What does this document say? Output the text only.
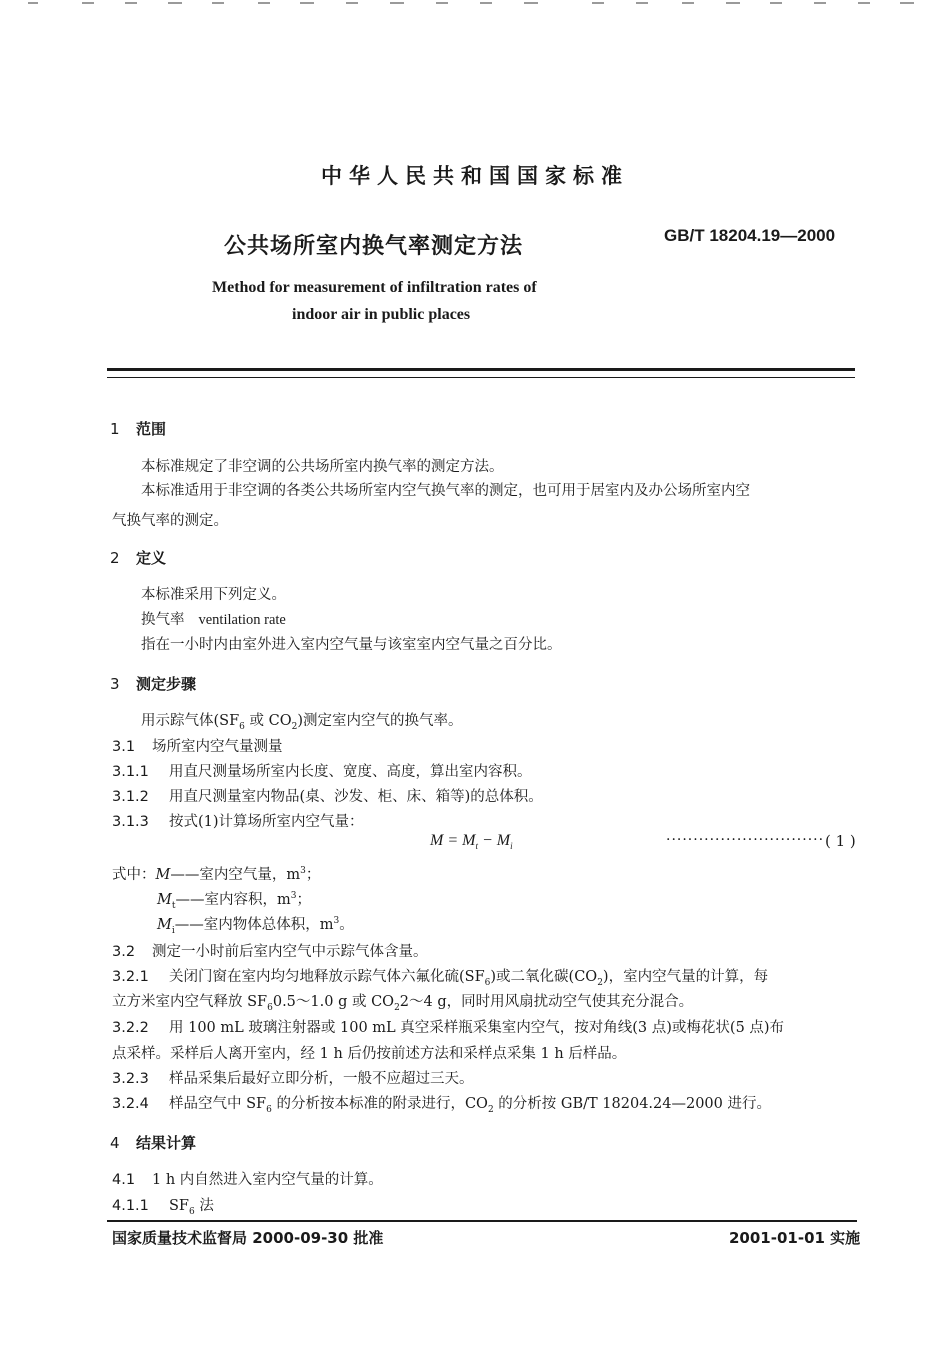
中华人民共和国国家标准
公共场所室内换气率测定方法	GB/T 18204.19—2000
Method for measurement of infiltration rates of
indoor air in public places
1 范围
本标准规定了非空调的公共场所室内换气率的测定方法。
本标准适用于非空调的各类公共场所室内空气换气率的测定，也可用于居室内及办公场所室内空
气换气率的测定。
2 定义
本标准采用下列定义。
换气率 ventilation rate
指在一小时内由室外进入室内空气量与该室室内空气量之百分比。
3 测定步骤
用示踪气体($SF_6$ 或 $CO_2$)测定室内空气的换气率。
3.1 场所室内空气量测量
3.1.1 用直尺测量场所室内长度、宽度、高度，算出室内容积。
3.1.2 用直尺测量室内物品(桌、沙发、柜、床、箱等)的总体积。
3.1.3 按式(1)计算场所室内空气量：
$M = M_t - M_i$	····························· ( 1 )
式中：M——室内空气量，$m^3$；
$M_t——$室内容积，$m^3$；
$M_i——$室内物体总体积，$m^3$。
3.2 测定一小时前后室内空气中示踪气体含量。
3.2.1 关闭门窗在室内均匀地释放示踪气体六氟化硫$(SF_6)$或二氧化碳$(CO_2)$，室内空气量的计算，每
立方米室内空气释放 $SF_60.5\sim 1.0$ g 或 $CO_22\sim 4$ g，同时用风扇扰动空气使其充分混合。
3.2.2 用 100 mL 玻璃注射器或 100 mL 真空采样瓶采集室内空气，按对角线(3 点)或梅花状(5 点)布
点采样。采样后人离开室内，经 1 h 后仍按前述方法和采样点采集 1 h 后样品。
3.2.3 样品采集后最好立即分析，一般不应超过三天。
3.2.4 样品空气中 $SF_6$ 的分析按本标准的附录进行，$CO_2$ 的分析按 GB/T 18204.24—2000 进行。
4 结果计算
4.1 1 h 内自然进入室内空气量的计算。
4.1.1 $SF_6$ 法
国家质量技术监督局 2000-09-30 批准	2001-01-01 实施
